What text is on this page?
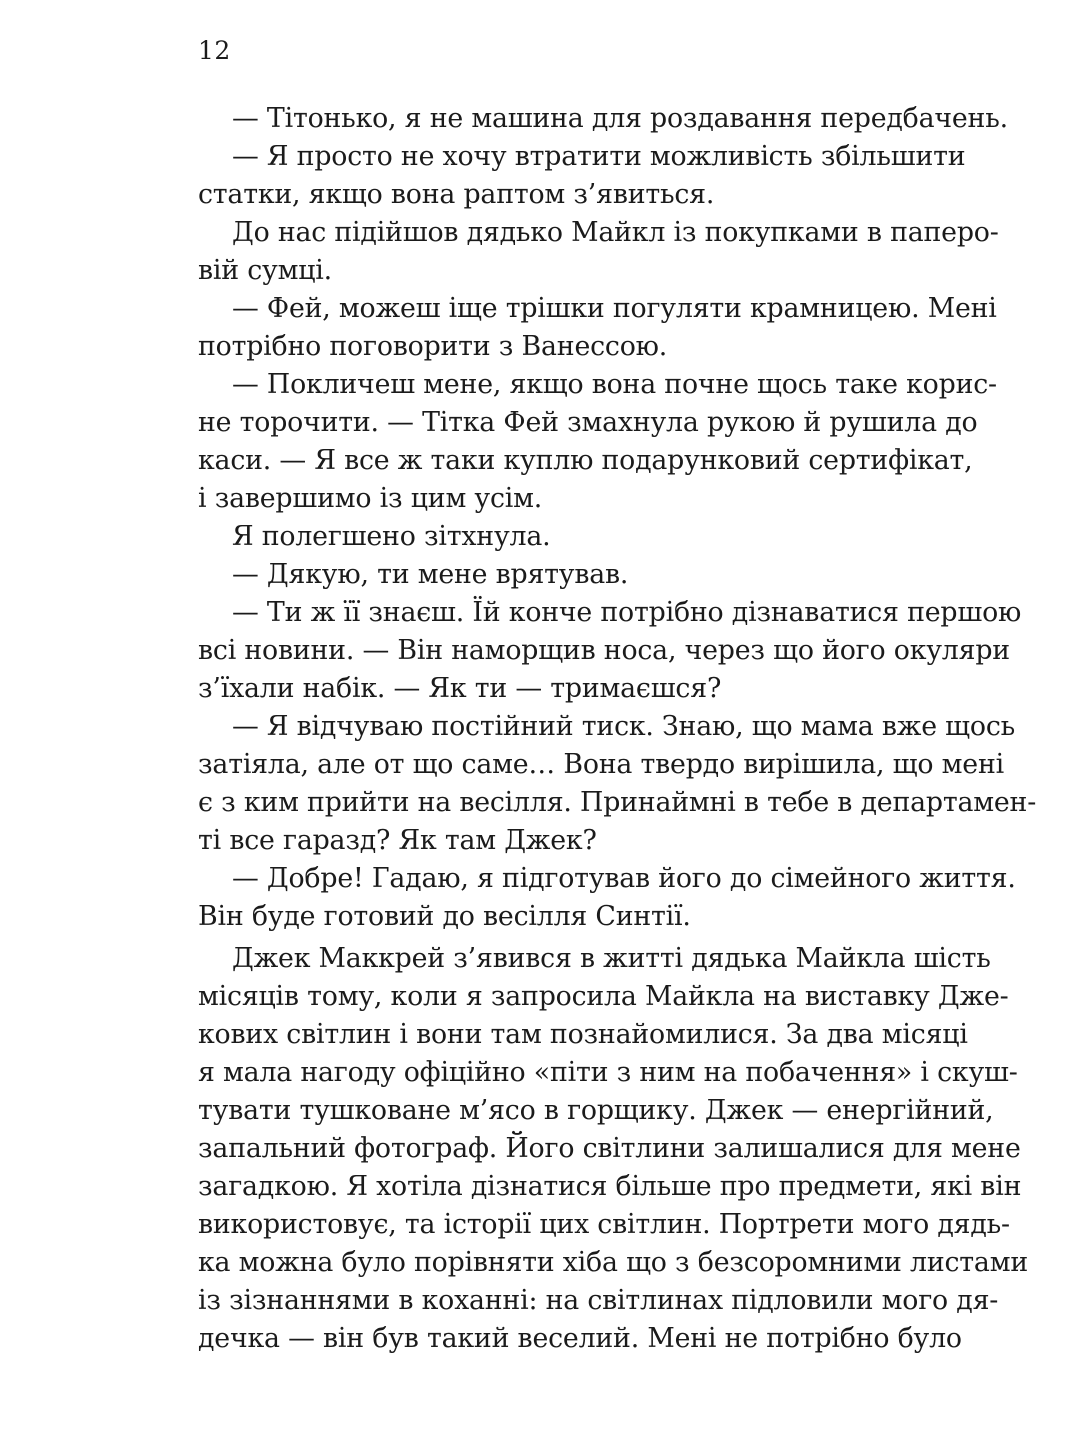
12
— Тітонько, я не машина для роздавання передбачень.
— Я просто не хочу втратити можливість збільшити
статки, якщо вона раптом з’явиться.
До нас підійшов дядько Майкл із покупками в паперо-
вій сумці.
— Фей, можеш іще трішки погуляти крамницею. Мені
потрібно поговорити з Ванессою.
— Покличеш мене, якщо вона почне щось таке корис-
не торочити. — Тітка Фей змахнула рукою й рушила до
каси. — Я все ж таки куплю подарунковий сертифікат,
і завершимо із цим усім.
Я полегшено зітхнула.
— Дякую, ти мене врятував.
— Ти ж її знаєш. Їй конче потрібно дізнаватися першою
всі новини. — Він наморщив носа, через що його окуляри
з’їхали набік. — Як ти — тримаєшся?
— Я відчуваю постійний тиск. Знаю, що мама вже щось
затіяла, але от що саме… Вона твердо вирішила, що мені
є з ким прийти на весілля. Принаймні в тебе в департамен-
ті все гаразд? Як там Джек?
— Добре! Гадаю, я підготував його до сімейного життя.
Він буде готовий до весілля Синтії.
Джек Маккрей з’явився в житті дядька Майкла шість
місяців тому, коли я запросила Майкла на виставку Дже-
кових світлин і вони там познайомилися. За два місяці
я мала нагоду офіційно «піти з ним на побачення» і скуш-
тувати тушковане м’ясо в горщику. Джек — енергійний,
запальний фотограф. Його світлини залишалися для мене
загадкою. Я хотіла дізнатися більше про предмети, які він
використовує, та історії цих світлин. Портрети мого дядь-
ка можна було порівняти хіба що з безсоромними листами
із зізнаннями в коханні: на світлинах підловили мого дя-
дечка — він був такий веселий. Мені не потрібно було
